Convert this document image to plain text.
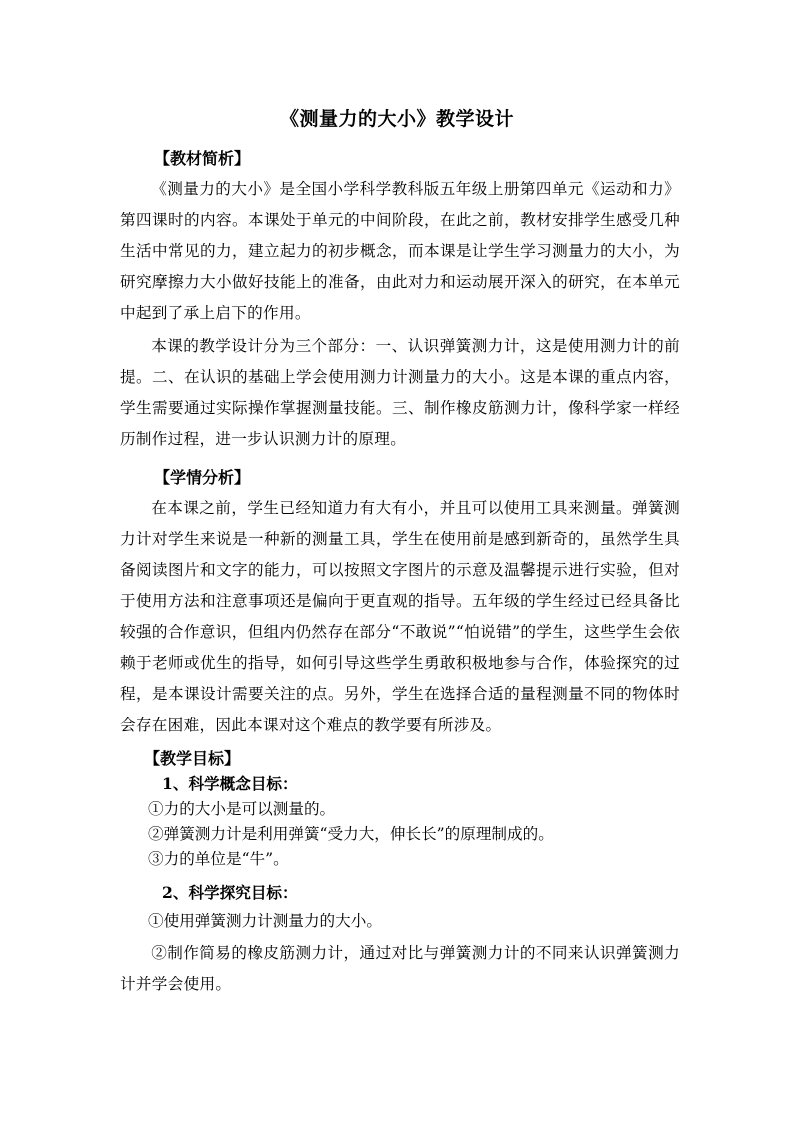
《测量力的大小》教学设计
【教材简析】

《测量力的大小》是全国小学科学教科版五年级上册第四单元《运动和力》第四课时的内容。本课处于单元的中间阶段，在此之前，教材安排学生感受几种生活中常见的力，建立起力的初步概念，而本课是让学生学习测量力的大小，为研究摩擦力大小做好技能上的准备，由此对力和运动展开深入的研究，在本单元中起到了承上启下的作用。

本课的教学设计分为三个部分：一、认识弹簧测力计，这是使用测力计的前提。二、在认识的基础上学会使用测力计测量力的大小。这是本课的重点内容，学生需要通过实际操作掌握测量技能。三、制作橡皮筋测力计，像科学家一样经历制作过程，进一步认识测力计的原理。

【学情分析】

在本课之前，学生已经知道力有大有小，并且可以使用工具来测量。弹簧测力计对学生来说是一种新的测量工具，学生在使用前是感到新奇的，虽然学生具备阅读图片和文字的能力，可以按照文字图片的示意及温馨提示进行实验，但对于使用方法和注意事项还是偏向于更直观的指导。五年级的学生经过已经具备比较强的合作意识，但组内仍然存在部分“不敢说”“怕说错”的学生，这些学生会依赖于老师或优生的指导，如何引导这些学生勇敢积极地参与合作，体验探究的过程，是本课设计需要关注的点。另外，学生在选择合适的量程测量不同的物体时会存在困难，因此本课对这个难点的教学要有所涉及。

【教学目标】
1、科学概念目标：
①力的大小是可以测量的。
②弹簧测力计是利用弹簧“受力大，伸长长”的原理制成的。
③力的单位是“牛”。
2、科学探究目标：
①使用弹簧测力计测量力的大小。

②制作简易的橡皮筋测力计，通过对比与弹簧测力计的不同来认识弹簧测力计并学会使用。
